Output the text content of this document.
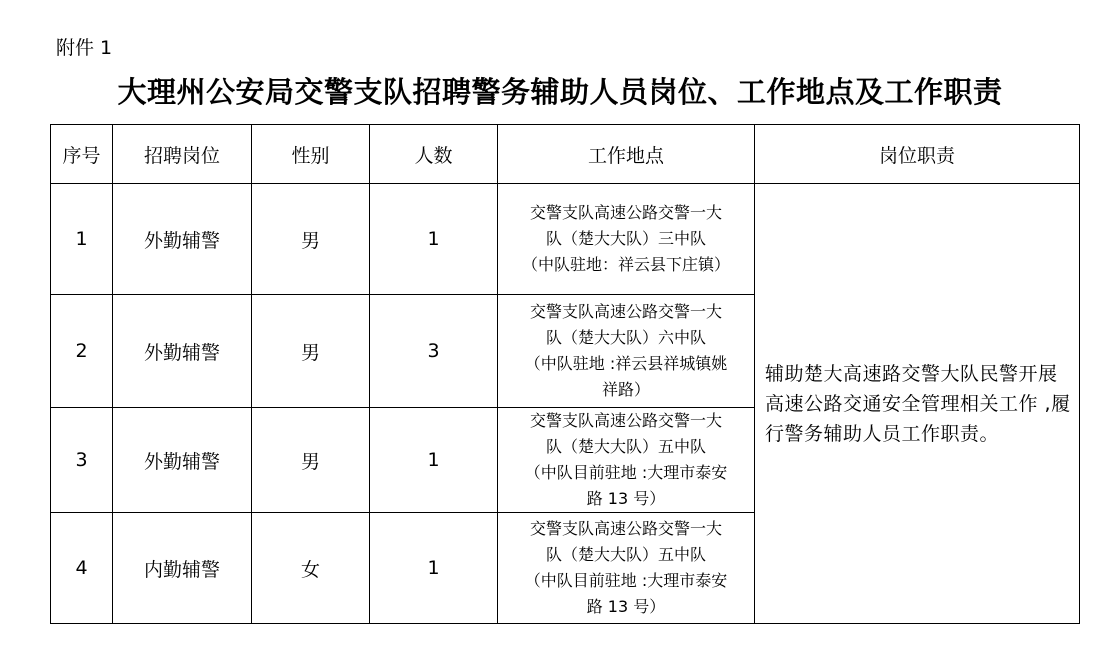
附件 1
大理州公安局交警支队招聘警务辅助人员岗位、工作地点及工作职责
序号	招聘岗位	性别	人数	工作地点	岗位职责
1	外勤辅警	男	1	交警支队高速公路交警一大
队（楚大大队）三中队
（中队驻地：祥云县下庄镇）	辅助楚大高速路交警大队民警开展高速公路交通安全管理相关工作 ,履行警务辅助人员工作职责。
2	外勤辅警	男	3	交警支队高速公路交警一大
队（楚大大队）六中队
（中队驻地 :祥云县祥城镇姚
祥路）	

3	外勤辅警	男	1	交警支队高速公路交警一大
队（楚大大队）五中队
（中队目前驻地 :大理市泰安
路 13 号）	

4	内勤辅警	女	1	交警支队高速公路交警一大
队（楚大大队）五中队
（中队目前驻地 :大理市泰安
路 13 号）	
